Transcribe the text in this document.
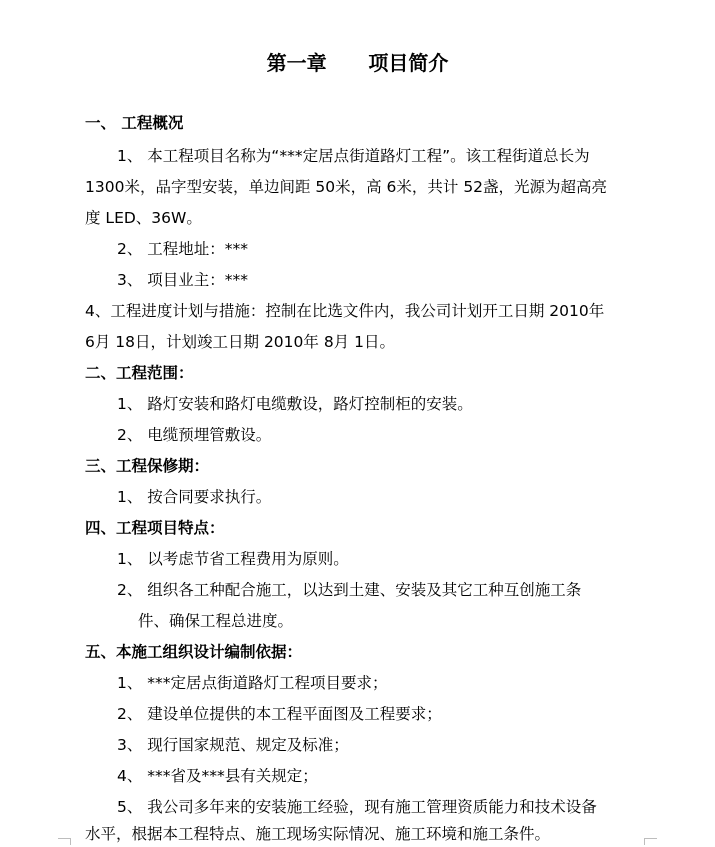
第一章      项目简介
一、 工程概况
1、 本工程项目名称为“***定居点街道路灯工程”。该工程街道总长为
1300米，品字型安装，单边间距 50米，高 6米，共计 52盏，光源为超高亮
度 LED、36W。
2、 工程地址：***
3、 项目业主：***
4、工程进度计划与措施：控制在比选文件内，我公司计划开工日期 2010年
6月 18日，计划竣工日期 2010年 8月 1日。
二、工程范围：
1、 路灯安装和路灯电缆敷设，路灯控制柜的安装。
2、 电缆预埋管敷设。
三、工程保修期：
1、 按合同要求执行。
四、工程项目特点：
1、 以考虑节省工程费用为原则。
2、 组织各工种配合施工，以达到土建、安装及其它工种互创施工条
件、确保工程总进度。
五、本施工组织设计编制依据：
1、 ***定居点街道路灯工程项目要求；
2、 建设单位提供的本工程平面图及工程要求；
3、 现行国家规范、规定及标准；
4、 ***省及***县有关规定；
5、 我公司多年来的安装施工经验，现有施工管理资质能力和技术设备
水平，根据本工程特点、施工现场实际情况、施工环境和施工条件。
